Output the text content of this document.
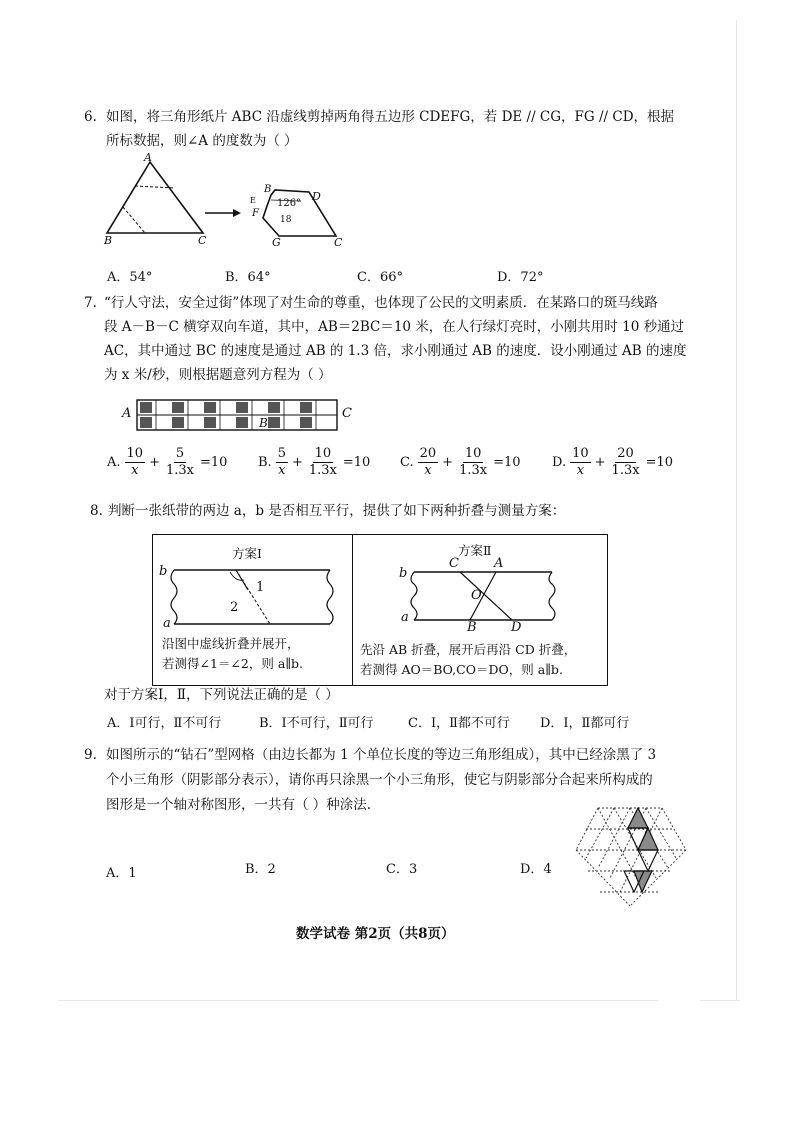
6. 如图，将三角形纸片 ABC 沿虚线剪掉两角得五边形 CDEFG，若 DE // CG，FG // CD，根据
所标数据，则∠A 的度数为（ ）
A
B	C
B
D
F
G	C
E 126°
18
A．54°	B．64°	C．66°	D．72°
7. “行人守法，安全过街”体现了对生命的尊重，也体现了公民的文明素质．在某路口的斑马线路
段 A－B－C 横穿双向车道，其中，AB＝2BC＝10 米，在人行绿灯亮时，小刚共用时 10 秒通过
AC，其中通过 BC 的速度是通过 AB 的 1.3 倍，求小刚通过 AB 的速度．设小刚通过 AB 的速度
为 x 米/秒，则根据题意列方程为（ ）
A
B
C
A. $\frac{10}{x} + \frac{5}{1.3x} =10$ B. $\frac{5}{x} + \frac{10}{1.3x} =10$ C. $\frac{20}{x} + \frac{10}{1.3x} =10$ D. $\frac{10}{x} + \frac{20}{1.3x} =10$
8. 判断一张纸带的两边 a，b 是否相互平行，提供了如下两种折叠与测量方案：
方案Ⅰ
b
a
1
2
沿图中虚线折叠并展开，
若测得∠1＝∠2，则 a∥b.
方案Ⅱ
b
a
C	A
O
B	D
先沿 AB 折叠，展开后再沿 CD 折叠，
若测得 AO＝BO,CO＝DO，则 a∥b.
对于方案Ⅰ，Ⅱ，下列说法正确的是（ ）
A．Ⅰ可行，Ⅱ不可行	B．Ⅰ不可行，Ⅱ可行	C．Ⅰ，Ⅱ都不可行 D．Ⅰ，Ⅱ都可行
9. 如图所示的“钻石”型网格（由边长都为 1 个单位长度的等边三角形组成），其中已经涂黑了 3
个小三角形（阴影部分表示），请你再只涂黑一个小三角形，使它与阴影部分合起来所构成的
图形是一个轴对称图形，一共有（ ）种涂法.
A．1	B．2	C．3	D．4
数学试卷 第2页（共8页）
